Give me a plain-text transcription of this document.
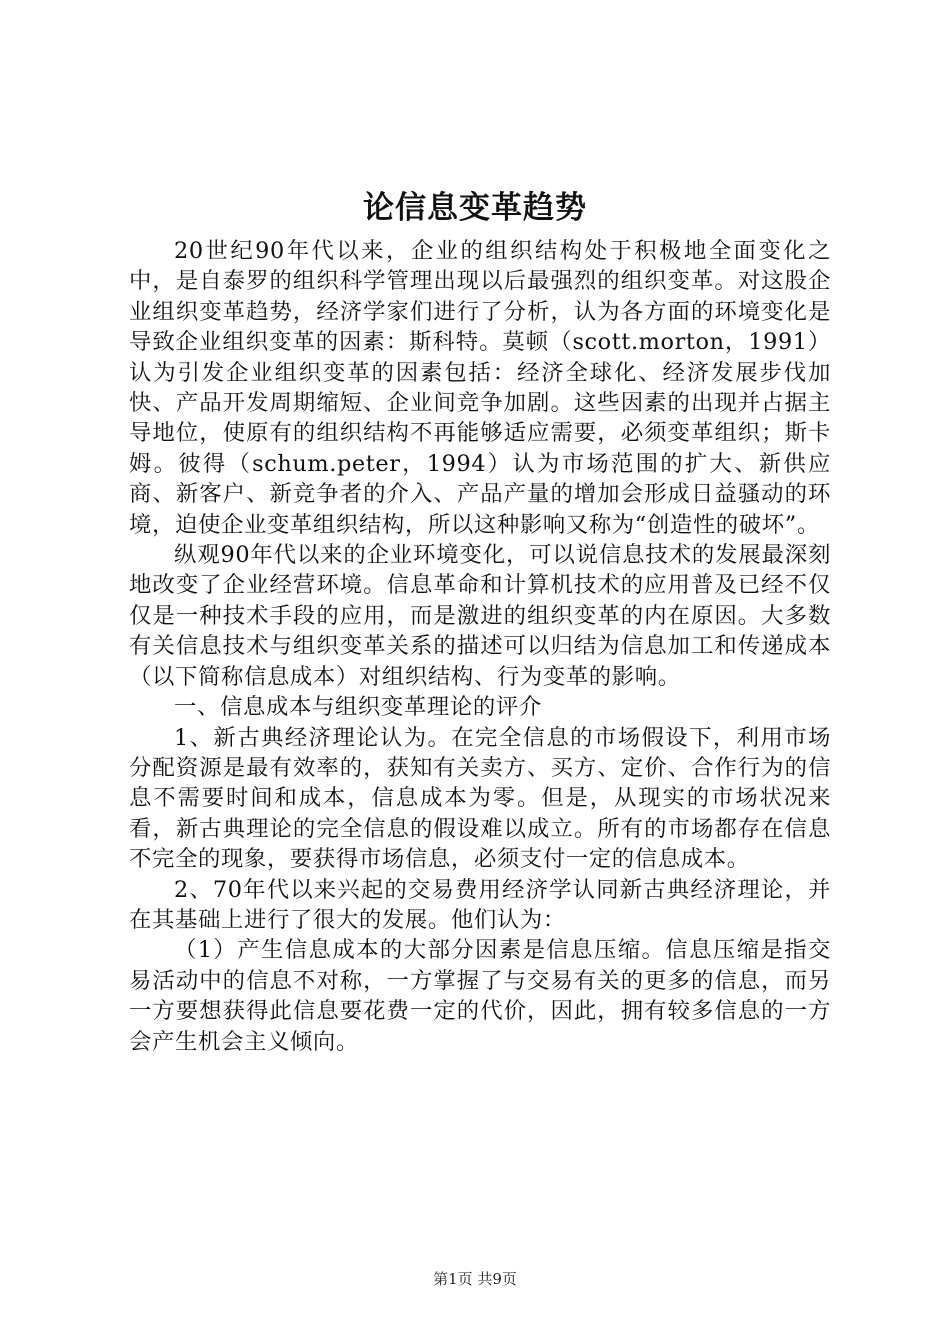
论信息变革趋势

20世纪90年代以来，企业的组织结构处于积极地全面变化之中，是自泰罗的组织科学管理出现以后最强烈的组织变革。对这股企业组织变革趋势，经济学家们进行了分析，认为各方面的环境变化是导致企业组织变革的因素：斯科特。莫顿（scott.morton，1991）认为引发企业组织变革的因素包括：经济全球化、经济发展步伐加快、产品开发周期缩短、企业间竞争加剧。这些因素的出现并占据主导地位，使原有的组织结构不再能够适应需要，必须变革组织；斯卡姆。彼得（schum.peter，1994）认为市场范围的扩大、新供应商、新客户、新竞争者的介入、产品产量的增加会形成日益骚动的环境，迫使企业变革组织结构，所以这种影响又称为“创造性的破坏”。

纵观90年代以来的企业环境变化，可以说信息技术的发展最深刻地改变了企业经营环境。信息革命和计算机技术的应用普及已经不仅仅是一种技术手段的应用，而是激进的组织变革的内在原因。大多数有关信息技术与组织变革关系的描述可以归结为信息加工和传递成本（以下简称信息成本）对组织结构、行为变革的影响。

一、信息成本与组织变革理论的评介

1、新古典经济理论认为。在完全信息的市场假设下，利用市场分配资源是最有效率的，获知有关卖方、买方、定价、合作行为的信息不需要时间和成本，信息成本为零。但是，从现实的市场状况来看，新古典理论的完全信息的假设难以成立。所有的市场都存在信息不完全的现象，要获得市场信息，必须支付一定的信息成本。

2、70年代以来兴起的交易费用经济学认同新古典经济理论，并在其基础上进行了很大的发展。他们认为：

（1）产生信息成本的大部分因素是信息压缩。信息压缩是指交易活动中的信息不对称，一方掌握了与交易有关的更多的信息，而另一方要想获得此信息要花费一定的代价，因此，拥有较多信息的一方会产生机会主义倾向。

第1页 共9页
